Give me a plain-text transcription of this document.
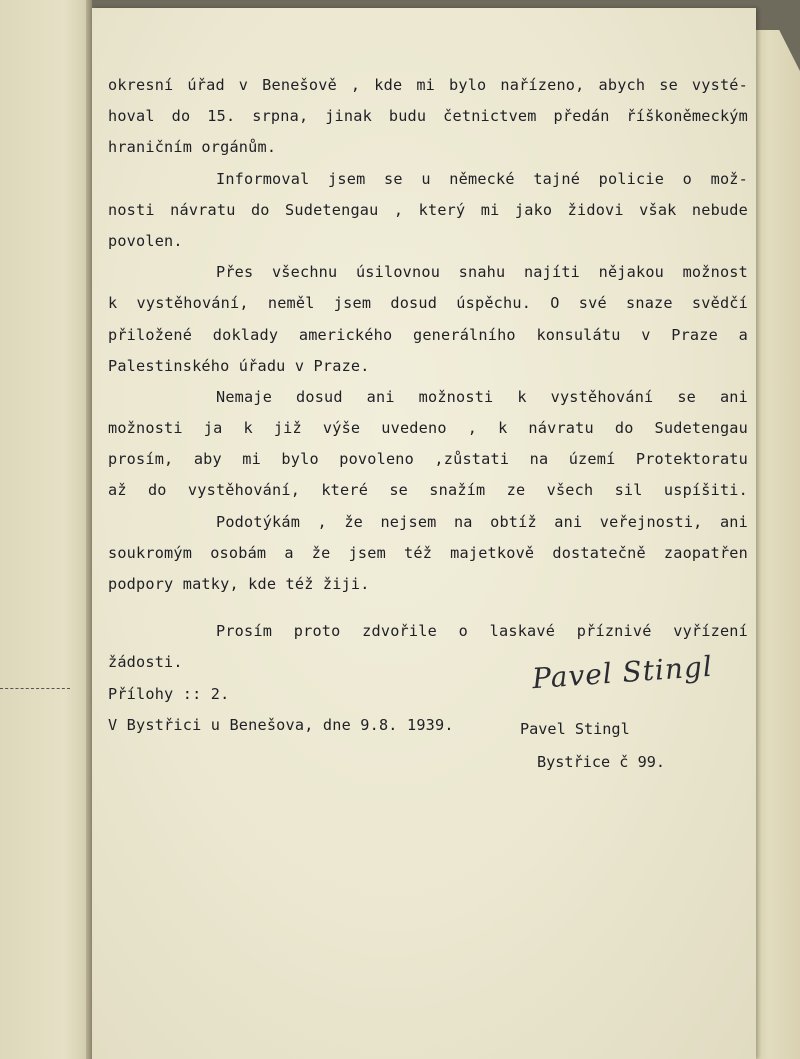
okresní úřad v Benešově , kde mi bylo nařízeno, abych se vysté-
hoval do 15. srpna, jinak budu četnictvem předán říškoněmeckým
hraničním orgánům.
Informoval jsem se u německé tajné policie o mož-
nosti návratu do Sudetengau , který mi jako židovi však nebude
povolen.
Přes všechnu úsilovnou snahu najíti nějakou možnost
k vystěhování, neměl jsem dosud úspěchu. O své snaze svědčí
přiložené doklady amerického generálního konsulátu v Praze a
Palestinského úřadu v Praze.
Nemaje dosud ani možnosti k vystěhování se ani
možnosti ja k již výše uvedeno , k návratu do Sudetengau
prosím, aby mi bylo povoleno ,zůstati na území Protektoratu
až do vystěhování, které se snažím ze všech sil uspíšiti.
Podotýkám , že nejsem na obtíž ani veřejnosti, ani
soukromým osobám a že jsem též majetkově dostatečně zaopatřen
podpory matky, kde též žiji.
Prosím proto zdvořile o laskavé příznivé vyřízení
žádosti.
Přílohy :: 2.
V Bystřici u Benešova, dne 9.8. 1939.
Pavel Stingl
Pavel Stingl
Bystřice č 99.
